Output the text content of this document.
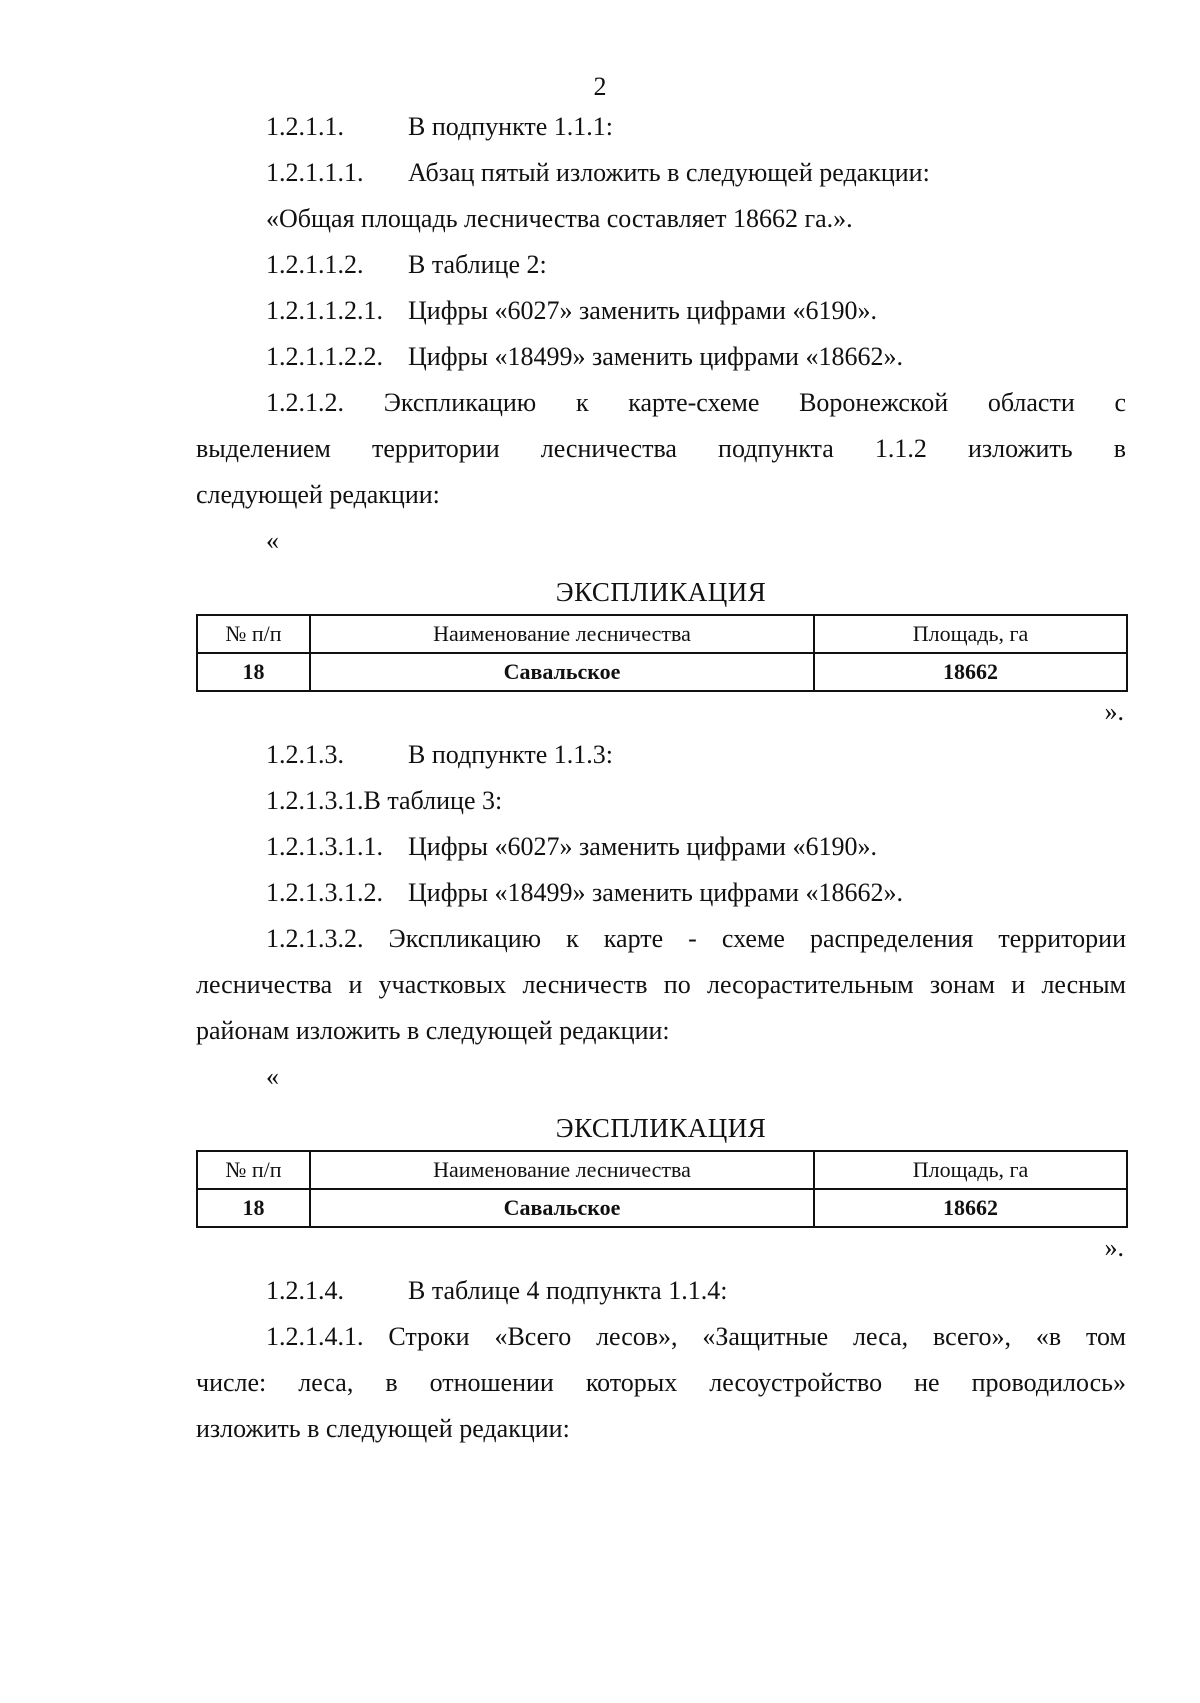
2
1.2.1.1. В подпункте 1.1.1:
1.2.1.1.1. Абзац пятый изложить в следующей редакции:
«Общая площадь лесничества составляет 18662 га.».
1.2.1.1.2. В таблице 2:
1.2.1.1.2.1. Цифры «6027» заменить цифрами «6190».
1.2.1.1.2.2. Цифры «18499» заменить цифрами «18662».
1.2.1.2. Экспликацию к карте-схеме Воронежской области с
выделением территории лесничества подпункта 1.1.2 изложить в
следующей редакции:
«
ЭКСПЛИКАЦИЯ
№ п/п	Наименование лесничества	Площадь, га
18	Савальское	18662
».
1.2.1.3. В подпункте 1.1.3:
1.2.1.3.1.В таблице 3:
1.2.1.3.1.1. Цифры «6027» заменить цифрами «6190».
1.2.1.3.1.2. Цифры «18499» заменить цифрами «18662».
1.2.1.3.2. Экспликацию к карте - схеме распределения территории
лесничества и участковых лесничеств по лесорастительным зонам и лесным
районам изложить в следующей редакции:
«
ЭКСПЛИКАЦИЯ
№ п/п	Наименование лесничества	Площадь, га
18	Савальское	18662
».
1.2.1.4. В таблице 4 подпункта 1.1.4:
1.2.1.4.1. Строки «Всего лесов», «Защитные леса, всего», «в том
числе: леса, в отношении которых лесоустройство не проводилось»
изложить в следующей редакции:
